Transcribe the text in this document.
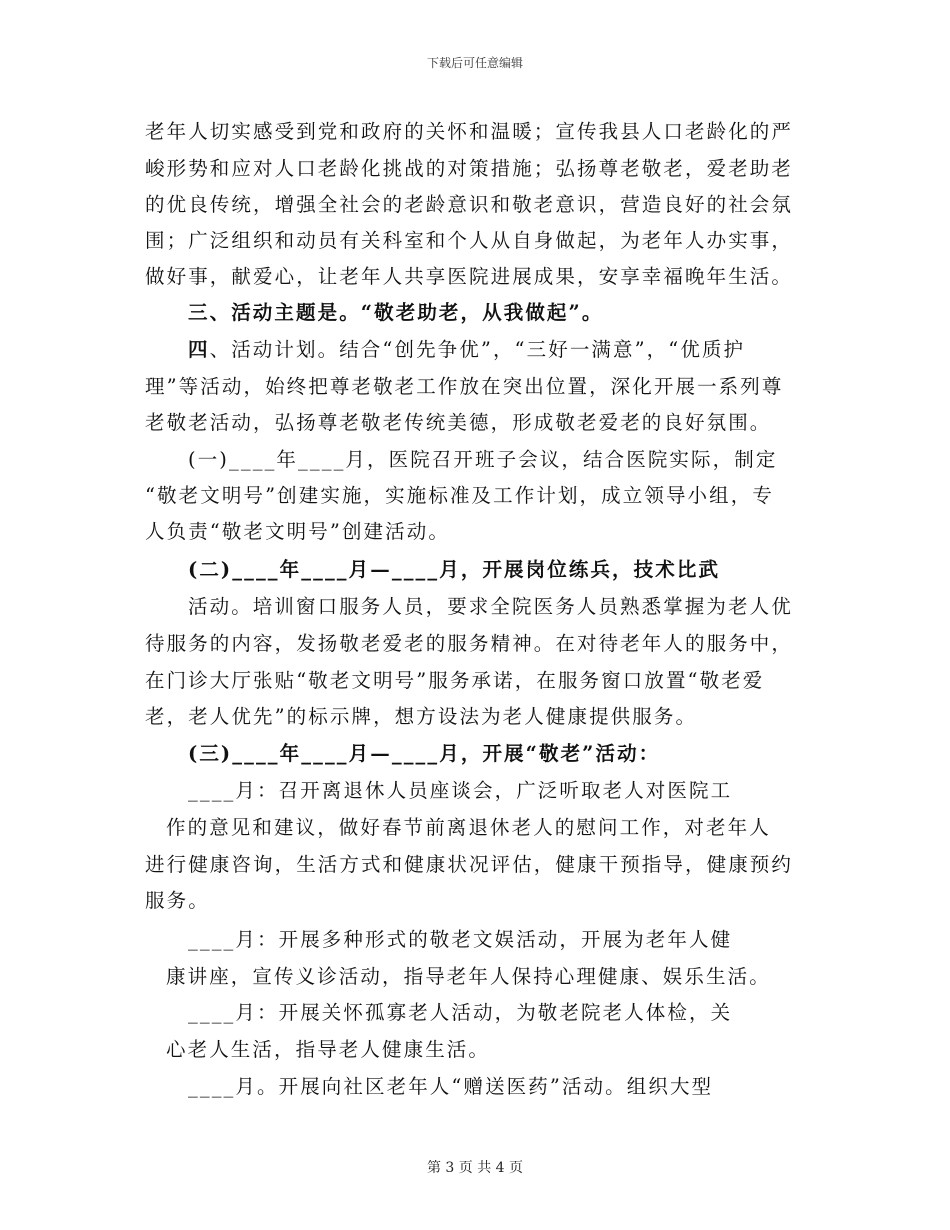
下载后可任意编辑
老年人切实感受到党和政府的关怀和温暖；宣传我县人口老龄化的严
峻形势和应对人口老龄化挑战的对策措施；弘扬尊老敬老，爱老助老
的优良传统，增强全社会的老龄意识和敬老意识，营造良好的社会氛
围；广泛组织和动员有关科室和个人从自身做起，为老年人办实事，
做好事，献爱心，让老年人共享医院进展成果，安享幸福晚年生活。
三、活动主题是。“敬老助老，从我做起”。
四、活动计划。结合“创先争优”，“三好一满意”，“优质护
理”等活动，始终把尊老敬老工作放在突出位置，深化开展一系列尊
老敬老活动，弘扬尊老敬老传统美德，形成敬老爱老的良好氛围。
(一)____年____月，医院召开班子会议，结合医院实际，制定
“敬老文明号”创建实施，实施标准及工作计划，成立领导小组，专
人负责“敬老文明号”创建活动。
(二)____年____月—____月，开展岗位练兵，技术比武
活动。培训窗口服务人员，要求全院医务人员熟悉掌握为老人优
待服务的内容，发扬敬老爱老的服务精神。在对待老年人的服务中，
在门诊大厅张贴“敬老文明号”服务承诺，在服务窗口放置“敬老爱
老，老人优先”的标示牌，想方设法为老人健康提供服务。
(三)____年____月—____月，开展“敬老”活动：
____月：召开离退休人员座谈会，广泛听取老人对医院工
作的意见和建议，做好春节前离退休老人的慰问工作，对老年人
进行健康咨询，生活方式和健康状况评估，健康干预指导，健康预约
服务。
____月：开展多种形式的敬老文娱活动，开展为老年人健
康讲座，宣传义诊活动，指导老年人保持心理健康、娱乐生活。
____月：开展关怀孤寡老人活动，为敬老院老人体检，关
心老人生活，指导老人健康生活。
____月。开展向社区老年人“赠送医药”活动。组织大型
第 3 页 共 4 页
